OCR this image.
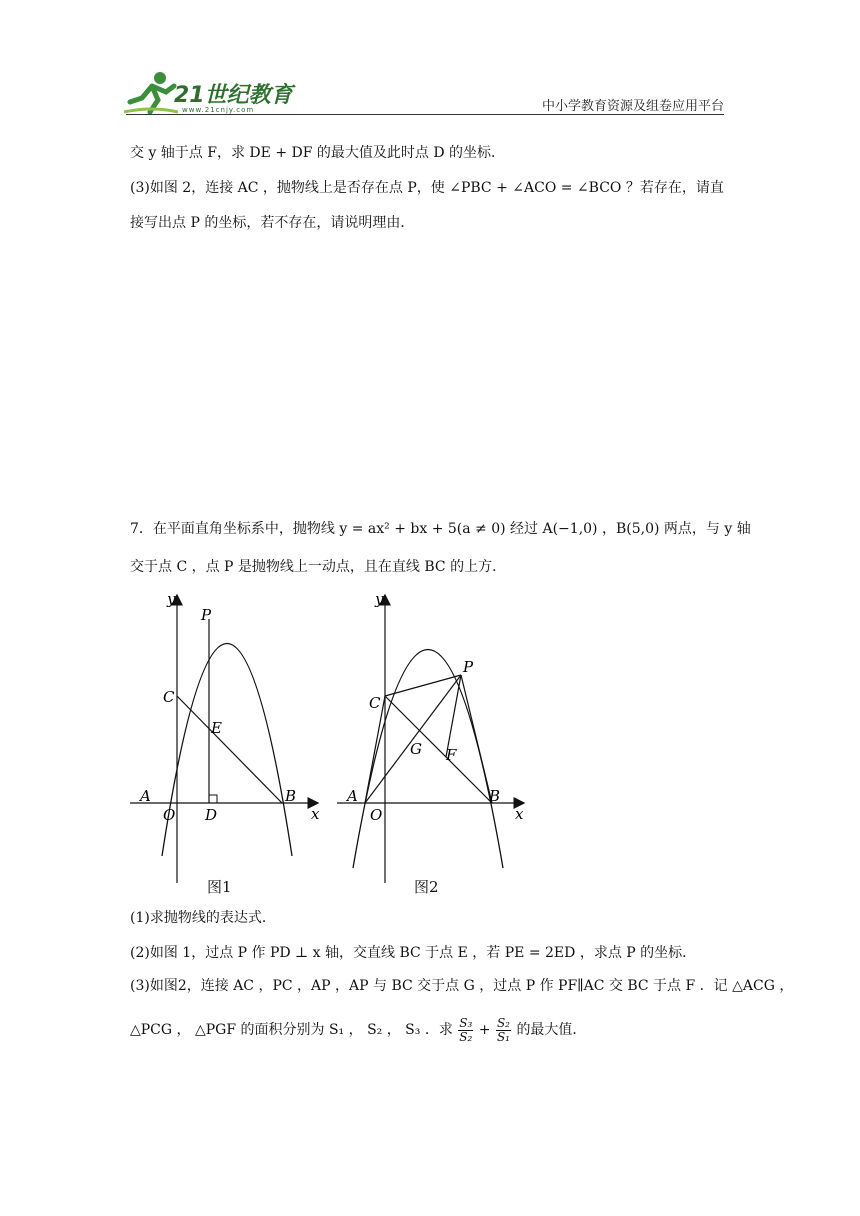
21世纪教育
www.21cnjy.com	中小学教育资源及组卷应用平台
交 y 轴于点 F，求 DE + DF 的最大值及此时点 D 的坐标．
(3)如图 2，连接 AC ，抛物线上是否存在点 P，使 ∠PBC + ∠ACO = ∠BCO ？若存在，请直
接写出点 P 的坐标，若不存在，请说明理由．
7．在平面直角坐标系中，抛物线 y = ax² + bx + 5(a ≠ 0) 经过 A(−1,0) ，B(5,0) 两点，与 y 轴
交于点 C ，点 P 是抛物线上一动点，且在直线 BC 的上方．
y
x
P
C
E
A
O D
B
图1
y
x
P
C
G F
A
O
B
图2
(1)求抛物线的表达式．
(2)如图 1，过点 P 作 PD ⊥ x 轴，交直线 BC 于点 E ，若 PE = 2ED ，求点 P 的坐标．
(3)如图2，连接 AC ，PC ，AP ，AP 与 BC 交于点 G ，过点 P 作 PF∥AC 交 BC 于点 F ．记 △ACG ，
△PCG ， △PGF 的面积分别为 S₁ ， S₂ ， S₃ ．求 $\frac{\text{S₃}}{\text{S₂}} + \frac{\text{S₂}}{\text{S₁}}$ 的最大值．
